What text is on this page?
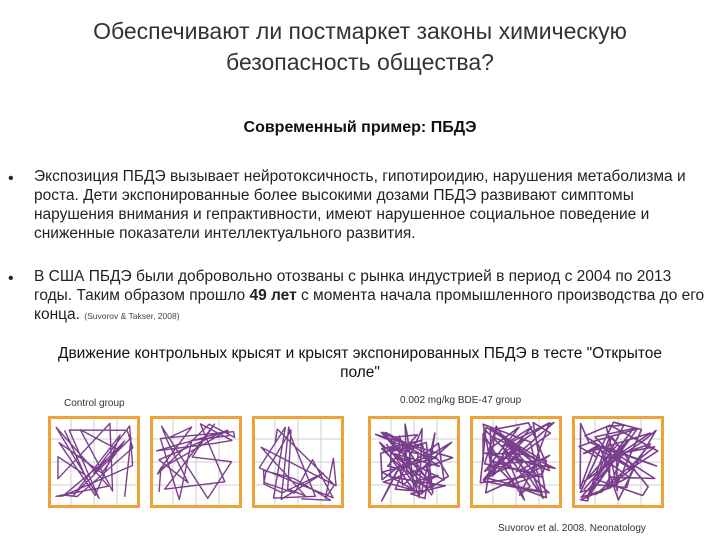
Обеспечивают ли постмаркет законы химическую безопасность общества?
Современный пример: ПБДЭ
• Экспозиция ПБДЭ вызывает нейротоксичность, гипотироидию, нарушения метаболизма и роста. Дети экспонированные более высокими дозами ПБДЭ развивают симптомы нарушения внимания и гепрактивности, имеют нарушенное социальное поведение и сниженные показатели интеллектуального развития.
• В США ПБДЭ были добровольно отозваны с рынка индустрией в период с 2004 по 2013 годы. Таким образом прошло 49 лет с момента начала промышленного производства до его конца. (Suvorov & Takser, 2008)
Движение контрольных крысят и крысят экспонированных ПБДЭ в тесте "Открытое поле"
Control group	0.002 mg/kg BDE-47 group
Suvorov et al. 2008. Neonatology
